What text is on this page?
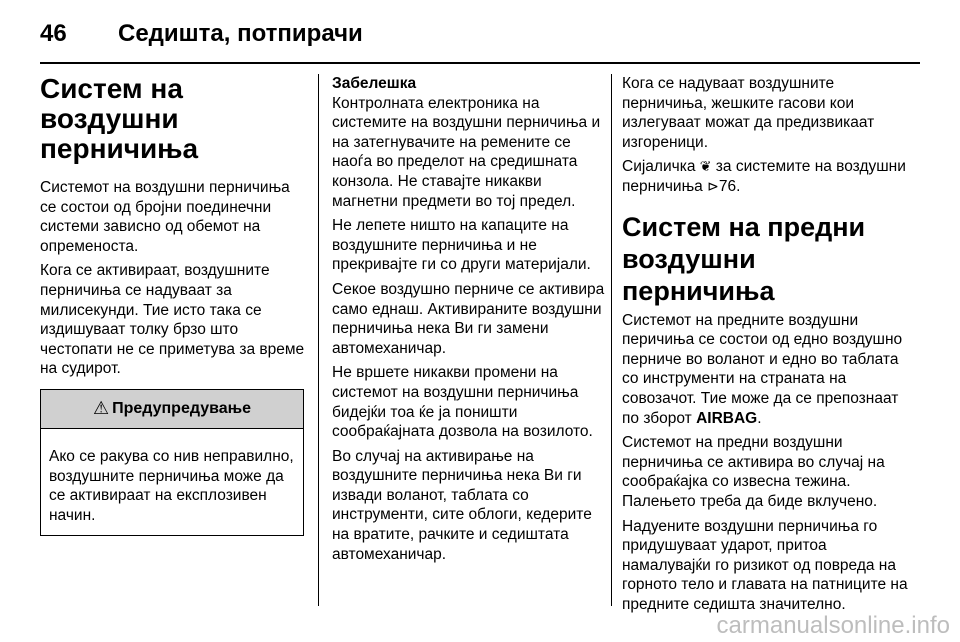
46	Седишта, потпирачи
Систем на воздушни перничиња

Системот на воздушни перничиња се состои од бројни поединечни системи зависно од обемот на опременоста.

Кога се активираат, воздушните перничиња се надуваат за милисекунди. Тие исто така се издишуваат толку брзо што честопати не се приметува за време на судирот.

⚠ Предупредување

Ако се ракува со нив неправилно, воздушните перничиња може да се активираат на експлозивен начин.

Забелешка

Контролната електроника на системите на воздушни перничиња и на затегнувачите на ремените се наоѓа во пределот на средишната конзола. Не ставајте никакви магнетни предмети во тој предел.

Не лепете ништо на капаците на воздушните перничиња и не прекривајте ги со други материјали.

Секое воздушно перниче се активира само еднаш. Активираните воздушни перничиња нека Ви ги замени автомеханичар.

Не вршете никакви промени на системот на воздушни перничиња бидејќи тоа ќе ја поништи сообраќајната дозвола на возилото.

Во случај на активирање на воздушните перничиња нека Ви ги извади воланот, таблата со инструменти, сите облоги, кедерите на вратите, рачките и седиштата автомеханичар.

Кога се надуваат воздушните перничиња, жешките гасови кои излегуваат можат да предизвикаат изгореници.

Сијаличка ❦ за системите на воздушни перничиња ⊳76.

Систем на предни воздушни перничиња

Системот на предните воздушни перичиња се состои од едно воздушно перниче во воланот и едно во таблата со инструменти на страната на совозачот. Тие може да се препознаат по зборот AIRBAG.

Системот на предни воздушни перничиња се активира во случај на сообраќајка со извесна тежина. Палењето треба да биде вклучено.

Надуените воздушни перничиња го придушуваат ударот, притоа намалувајќи го ризикот од повреда на горното тело и главата на патниците на предните седишта значително.

carmanualsonline.info
